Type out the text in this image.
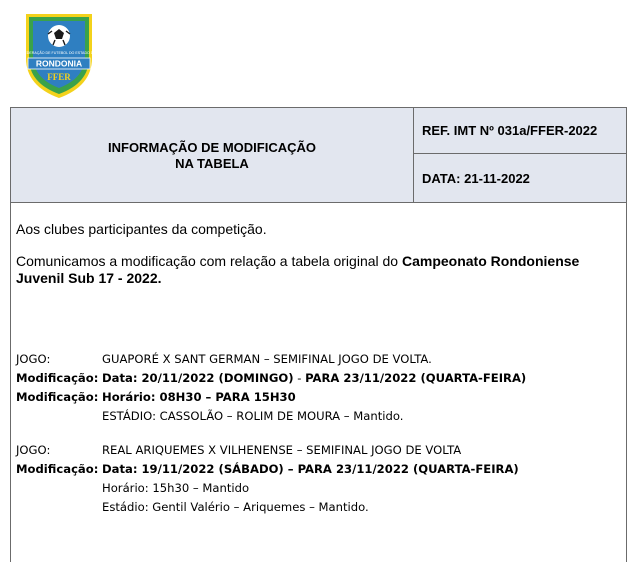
FEDERAÇÃO DE FUTEBOL DO ESTADO DE
RONDONIA
FFER
INFORMAÇÃO DE MODIFICAÇÃO
NA TABELA
REF. IMT Nº 031a/FFER-2022
DATA: 21-11-2022
Aos clubes participantes da competição.
Comunicamos a modificação com relação a tabela original do Campeonato Rondoniense Juvenil Sub 17 - 2022.
JOGO:	GUAPORÉ X SANT GERMAN – SEMIFINAL JOGO DE VOLTA.
Modificação: Data: 20/11/2022 (DOMINGO) - PARA 23/11/2022 (QUARTA-FEIRA)
Modificação: Horário: 08H30 – PARA 15H30
ESTÁDIO: CASSOLÃO – ROLIM DE MOURA – Mantido.
JOGO:	REAL ARIQUEMES X VILHENENSE – SEMIFINAL JOGO DE VOLTA
Modificação: Data: 19/11/2022 (SÁBADO) – PARA 23/11/2022 (QUARTA-FEIRA)
Horário: 15h30 – Mantido
Estádio: Gentil Valério – Ariquemes – Mantido.
